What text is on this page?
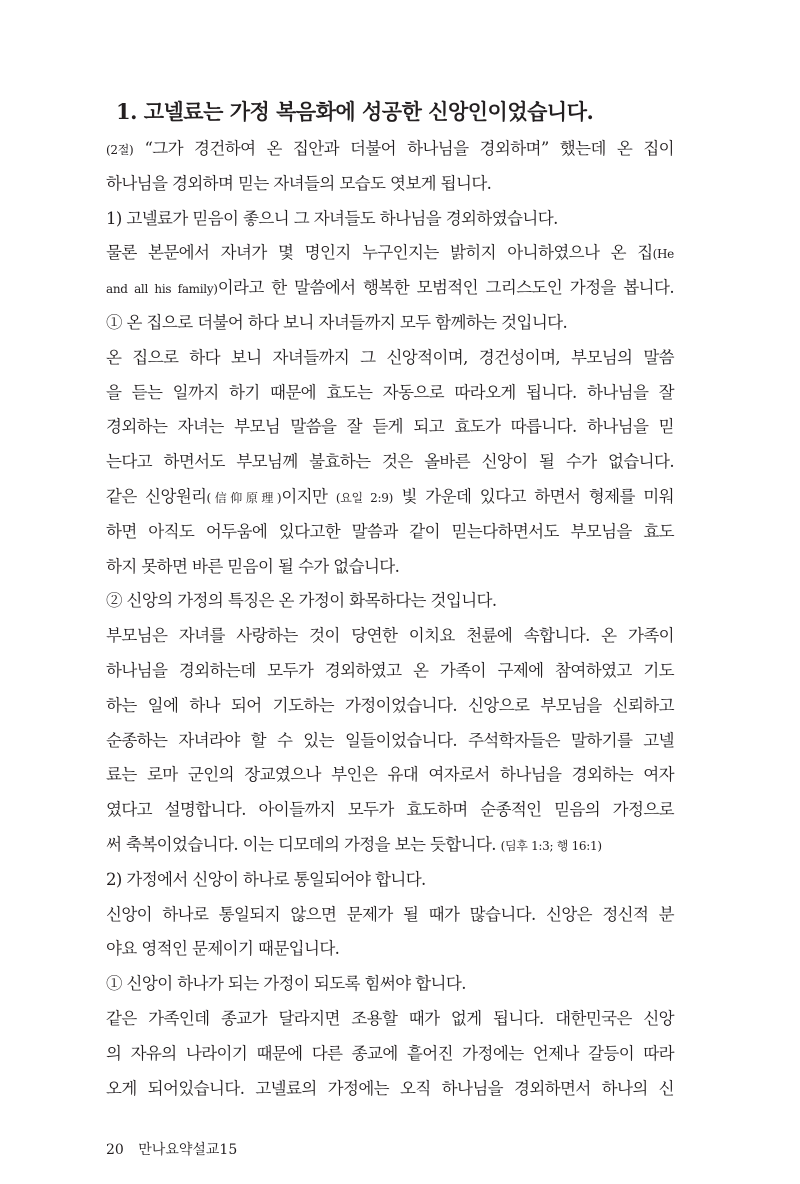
1. 고넬료는 가정 복음화에 성공한 신앙인이었습니다.
(2절) “그가 경건하여 온 집안과 더불어 하나님을 경외하며” 했는데 온 집이
하나님을 경외하며 믿는 자녀들의 모습도 엿보게 됩니다.
1) 고넬료가 믿음이 좋으니 그 자녀들도 하나님을 경외하였습니다.
물론 본문에서 자녀가 몇 명인지 누구인지는 밝히지 아니하였으나 온 집(He
and all his family)이라고 한 말씀에서 행복한 모범적인 그리스도인 가정을 봅니다.
① 온 집으로 더불어 하다 보니 자녀들까지 모두 함께하는 것입니다.
온 집으로 하다 보니 자녀들까지 그 신앙적이며, 경건성이며, 부모님의 말씀
을 듣는 일까지 하기 때문에 효도는 자동으로 따라오게 됩니다. 하나님을 잘
경외하는 자녀는 부모님 말씀을 잘 듣게 되고 효도가 따릅니다. 하나님을 믿
는다고 하면서도 부모님께 불효하는 것은 올바른 신앙이 될 수가 없습니다.
같은 신앙원리(信仰原理)이지만 (요일 2:9) 빛 가운데 있다고 하면서 형제를 미워
하면 아직도 어두움에 있다고한 말씀과 같이 믿는다하면서도 부모님을 효도
하지 못하면 바른 믿음이 될 수가 없습니다.
② 신앙의 가정의 특징은 온 가정이 화목하다는 것입니다.
부모님은 자녀를 사랑하는 것이 당연한 이치요 천륜에 속합니다. 온 가족이
하나님을 경외하는데 모두가 경외하였고 온 가족이 구제에 참여하였고 기도
하는 일에 하나 되어 기도하는 가정이었습니다. 신앙으로 부모님을 신뢰하고
순종하는 자녀라야 할 수 있는 일들이었습니다. 주석학자들은 말하기를 고넬
료는 로마 군인의 장교였으나 부인은 유대 여자로서 하나님을 경외하는 여자
였다고 설명합니다. 아이들까지 모두가 효도하며 순종적인 믿음의 가정으로
써 축복이었습니다. 이는 디모데의 가정을 보는 듯합니다. (딤후 1:3; 행 16:1)
2) 가정에서 신앙이 하나로 통일되어야 합니다.
신앙이 하나로 통일되지 않으면 문제가 될 때가 많습니다. 신앙은 정신적 분
야요 영적인 문제이기 때문입니다.
① 신앙이 하나가 되는 가정이 되도록 힘써야 합니다.
같은 가족인데 종교가 달라지면 조용할 때가 없게 됩니다. 대한민국은 신앙
의 자유의 나라이기 때문에 다른 종교에 흩어진 가정에는 언제나 갈등이 따라
오게 되어있습니다. 고넬료의 가정에는 오직 하나님을 경외하면서 하나의 신
20 만나요약설교15
